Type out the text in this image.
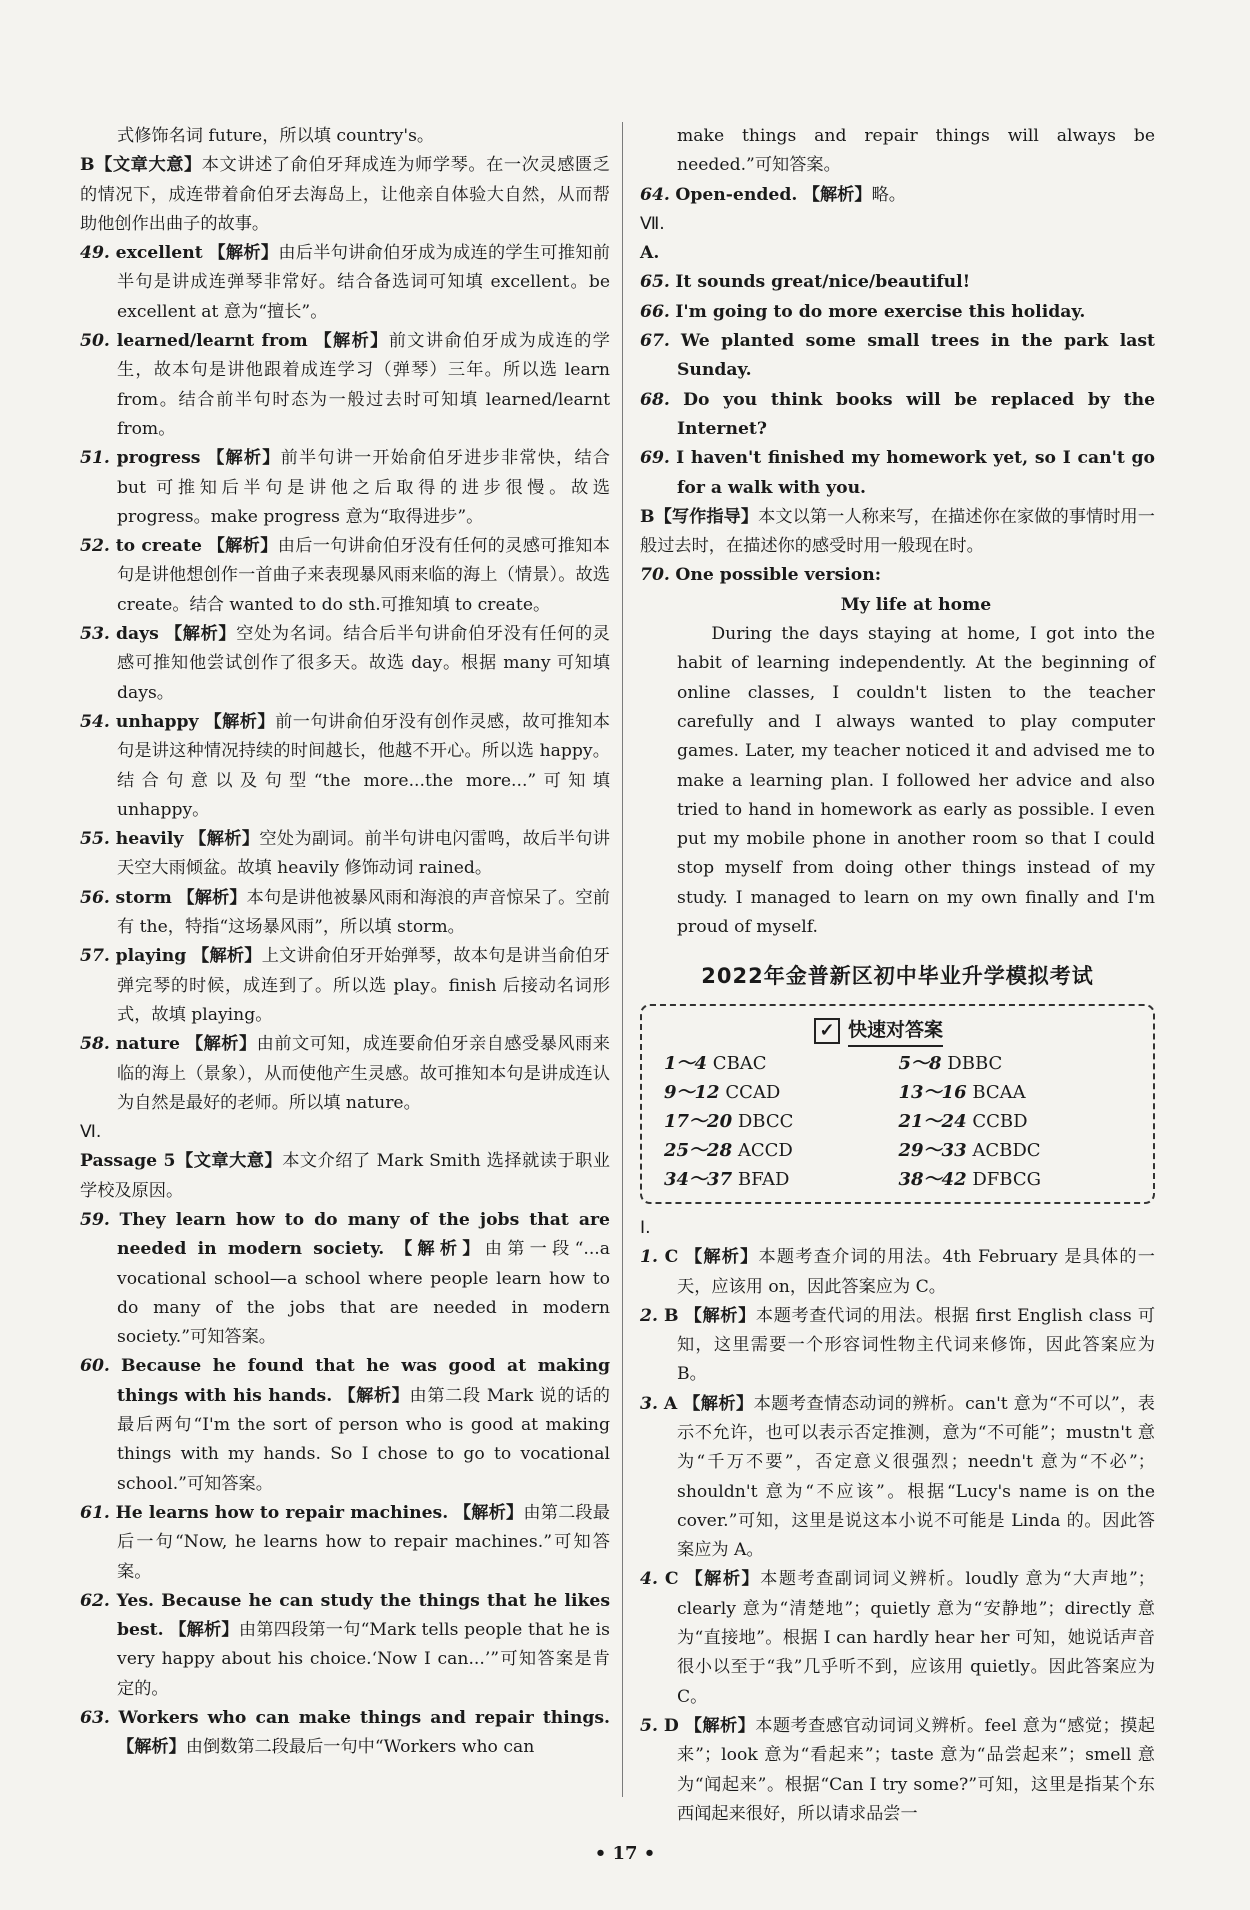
式修饰名词 future，所以填 country's。

B【文章大意】本文讲述了俞伯牙拜成连为师学琴。在一次灵感匮乏的情况下，成连带着俞伯牙去海岛上，让他亲自体验大自然，从而帮助他创作出曲子的故事。

49. excellent 【解析】由后半句讲俞伯牙成为成连的学生可推知前半句是讲成连弹琴非常好。结合备选词可知填 excellent。be excellent at 意为“擅长”。

50. learned/learnt from 【解析】前文讲俞伯牙成为成连的学生，故本句是讲他跟着成连学习（弹琴）三年。所以选 learn from。结合前半句时态为一般过去时可知填 learned/learnt from。

51. progress 【解析】前半句讲一开始俞伯牙进步非常快，结合 but 可推知后半句是讲他之后取得的进步很慢。故选 progress。make progress 意为“取得进步”。

52. to create 【解析】由后一句讲俞伯牙没有任何的灵感可推知本句是讲他想创作一首曲子来表现暴风雨来临的海上（情景）。故选 create。结合 wanted to do sth.可推知填 to create。

53. days 【解析】空处为名词。结合后半句讲俞伯牙没有任何的灵感可推知他尝试创作了很多天。故选 day。根据 many 可知填 days。

54. unhappy 【解析】前一句讲俞伯牙没有创作灵感，故可推知本句是讲这种情况持续的时间越长，他越不开心。所以选 happy。结合句意以及句型“the more...the more...”可知填 unhappy。

55. heavily 【解析】空处为副词。前半句讲电闪雷鸣，故后半句讲天空大雨倾盆。故填 heavily 修饰动词 rained。

56. storm 【解析】本句是讲他被暴风雨和海浪的声音惊呆了。空前有 the，特指“这场暴风雨”，所以填 storm。

57. playing 【解析】上文讲俞伯牙开始弹琴，故本句是讲当俞伯牙弹完琴的时候，成连到了。所以选 play。finish 后接动名词形式，故填 playing。

58. nature 【解析】由前文可知，成连要俞伯牙亲自感受暴风雨来临的海上（景象），从而使他产生灵感。故可推知本句是讲成连认为自然是最好的老师。所以填 nature。

Ⅵ.

Passage 5【文章大意】本文介绍了 Mark Smith 选择就读于职业学校及原因。

59. They learn how to do many of the jobs that are needed in modern society. 【解析】由第一段“...a vocational school—a school where people learn how to do many of the jobs that are needed in modern society.”可知答案。

60. Because he found that he was good at making things with his hands. 【解析】由第二段 Mark 说的话的最后两句“I'm the sort of person who is good at making things with my hands. So I chose to go to vocational school.”可知答案。

61. He learns how to repair machines. 【解析】由第二段最后一句“Now, he learns how to repair machines.”可知答案。

62. Yes. Because he can study the things that he likes best. 【解析】由第四段第一句“Mark tells people that he is very happy about his choice.‘Now I can...’”可知答案是肯定的。

63. Workers who can make things and repair things. 【解析】由倒数第二段最后一句中“Workers who can

make things and repair things will always be needed.”可知答案。

64. Open-ended. 【解析】略。

Ⅶ.

A.

65. It sounds great/nice/beautiful!

66. I'm going to do more exercise this holiday.

67. We planted some small trees in the park last Sunday.

68. Do you think books will be replaced by the Internet?

69. I haven't finished my homework yet, so I can't go for a walk with you.

B【写作指导】本文以第一人称来写，在描述你在家做的事情时用一般过去时，在描述你的感受时用一般现在时。

70. One possible version:

My life at home

During the days staying at home, I got into the habit of learning independently. At the beginning of online classes, I couldn't listen to the teacher carefully and I always wanted to play computer games. Later, my teacher noticed it and advised me to make a learning plan. I followed her advice and also tried to hand in homework as early as possible. I even put my mobile phone in another room so that I could stop myself from doing other things instead of my study. I managed to learn on my own finally and I'm proud of myself.

2022年金普新区初中毕业升学模拟考试
✓ 快速对答案
1～4 CBAC	5～8 DBBC
9～12 CCAD	13～16 BCAA
17～20 DBCC	21～24 CCBD
25～28 ACCD	29～33 ACBDC
34～37 BFAD	38～42 DFBCG

Ⅰ.

1. C 【解析】本题考查介词的用法。4th February 是具体的一天，应该用 on，因此答案应为 C。

2. B 【解析】本题考查代词的用法。根据 first English class 可知，这里需要一个形容词性物主代词来修饰，因此答案应为 B。

3. A 【解析】本题考查情态动词的辨析。can't 意为“不可以”，表示不允许，也可以表示否定推测，意为“不可能”；mustn't 意为“千万不要”，否定意义很强烈；needn't 意为“不必”；shouldn't 意为“不应该”。根据“Lucy's name is on the cover.”可知，这里是说这本小说不可能是 Linda 的。因此答案应为 A。

4. C 【解析】本题考查副词词义辨析。loudly 意为“大声地”；clearly 意为“清楚地”；quietly 意为“安静地”；directly 意为“直接地”。根据 I can hardly hear her 可知，她说话声音很小以至于“我”几乎听不到，应该用 quietly。因此答案应为 C。

5. D 【解析】本题考查感官动词词义辨析。feel 意为“感觉；摸起来”；look 意为“看起来”；taste 意为“品尝起来”；smell 意为“闻起来”。根据“Can I try some?”可知，这里是指某个东西闻起来很好，所以请求品尝一

• 17 •
